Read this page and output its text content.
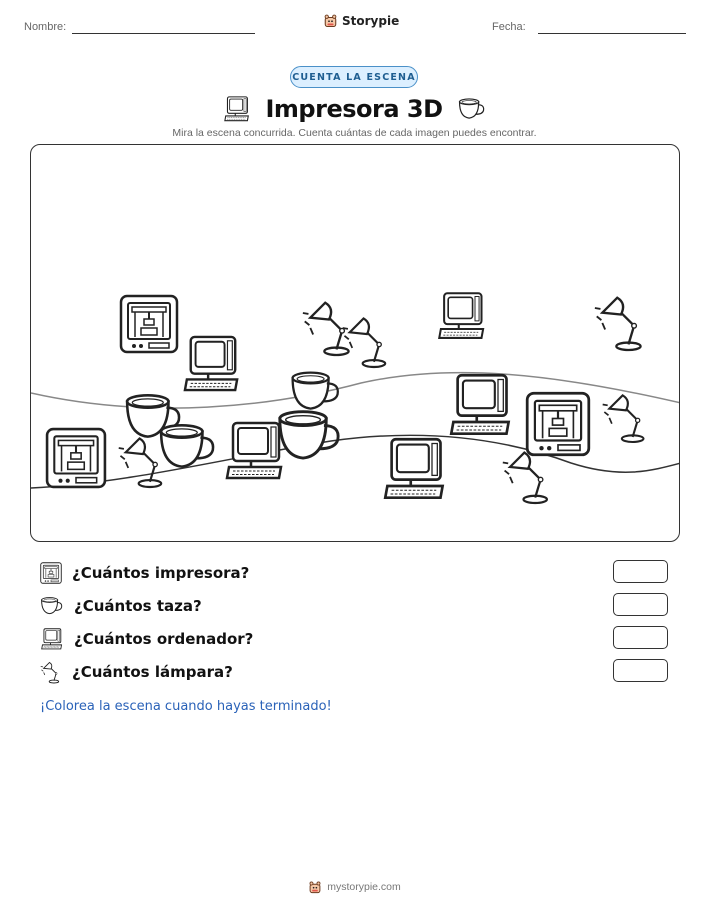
Nombre:	Storypie	Fecha:
CUENTA LA ESCENA
Impresora 3D
Mira la escena concurrida. Cuenta cuántas de cada imagen puedes encontrar.
¿Cuántos impresora?
¿Cuántos taza?
¿Cuántos ordenador?
¿Cuántos lámpara?
¡Colorea la escena cuando hayas terminado!
mystorypie.com
